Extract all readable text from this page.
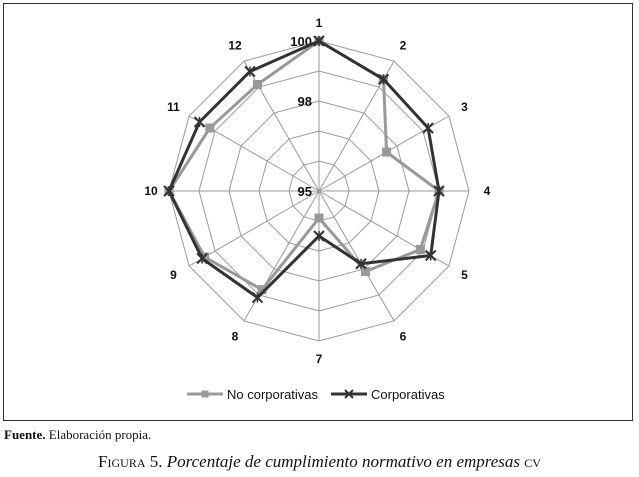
1
2
3
4
5
6
7
8
9
10
11
12
95
98
100
No corporativas	Corporativas
Fuente. Elaboración propia.
Figura 5. Porcentaje de cumplimiento normativo en empresas cv
